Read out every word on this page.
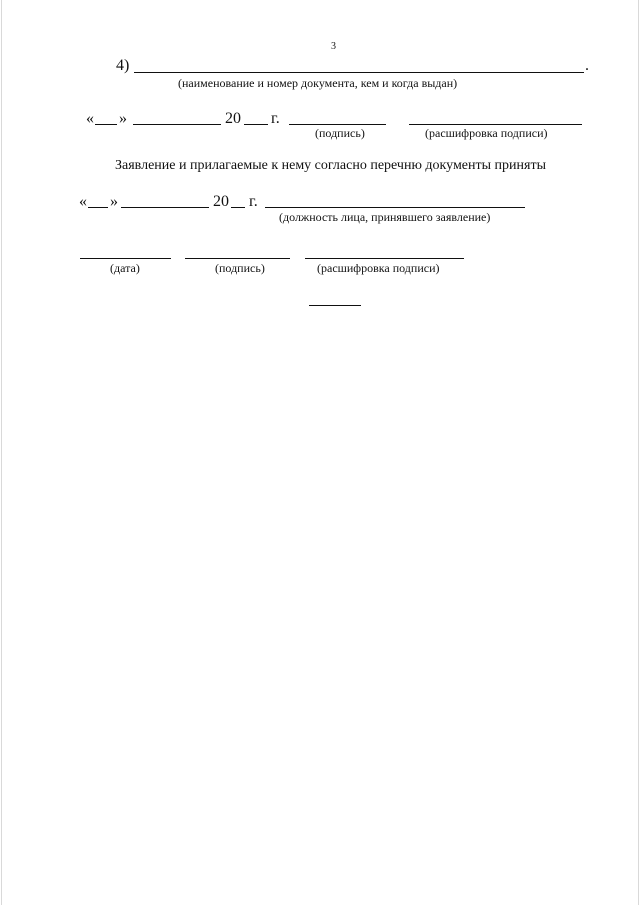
3
4)	.
(наименование и номер документа, кем и когда выдан)
« »	20 г.
(подпись)	(расшифровка подписи)
Заявление и прилагаемые к нему согласно перечню документы приняты
« »	20 г.
(должность лица, принявшего заявление)
(дата)	(подпись)	(расшифровка подписи)
